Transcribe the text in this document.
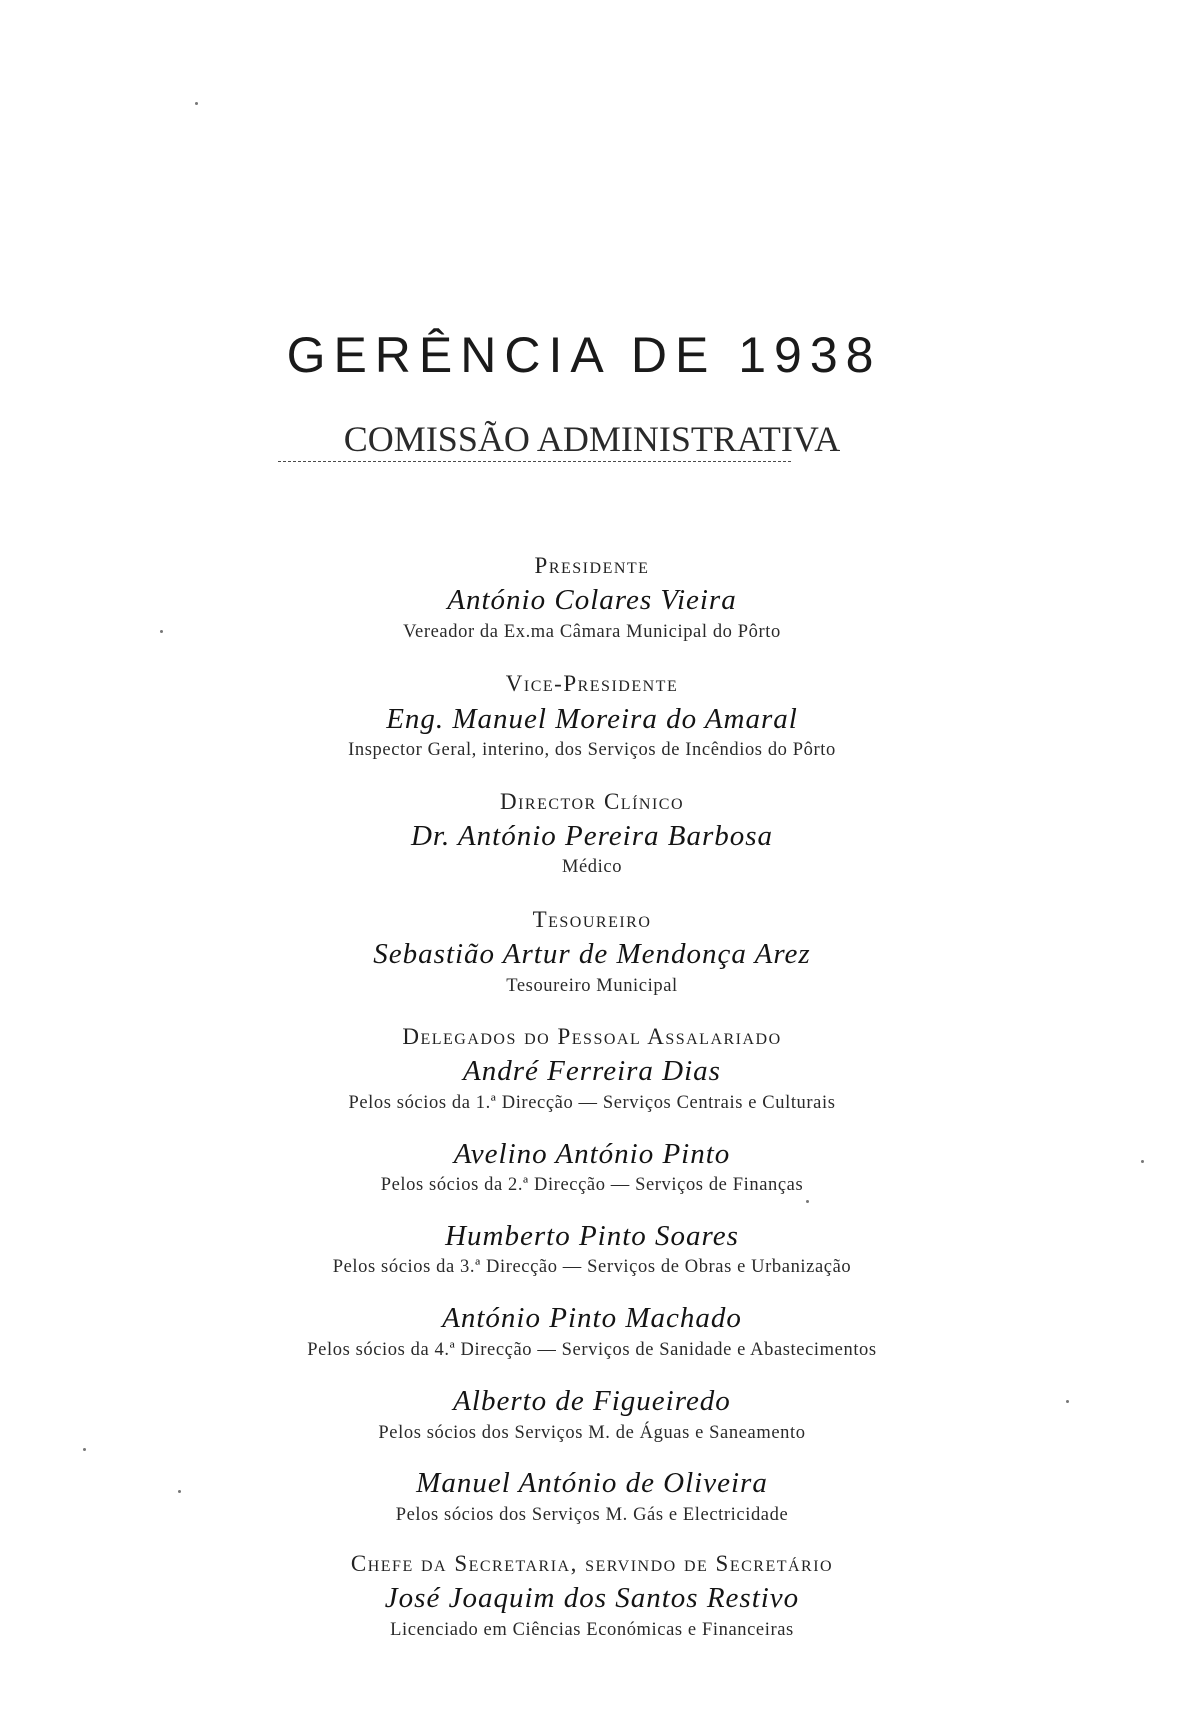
GERÊNCIA DE 1938
COMISSÃO ADMINISTRATIVA
Presidente
António Colares Vieira
Vereador da Ex.ma Câmara Municipal do Pôrto
Vice-Presidente
Eng. Manuel Moreira do Amaral
Inspector Geral, interino, dos Serviços de Incêndios do Pôrto
Director Clínico
Dr. António Pereira Barbosa
Médico
Tesoureiro
Sebastião Artur de Mendonça Arez
Tesoureiro Municipal
Delegados do Pessoal Assalariado
André Ferreira Dias
Pelos sócios da 1.ª Direcção — Serviços Centrais e Culturais
Avelino António Pinto
Pelos sócios da 2.ª Direcção — Serviços de Finanças
Humberto Pinto Soares
Pelos sócios da 3.ª Direcção — Serviços de Obras e Urbanização
António Pinto Machado
Pelos sócios da 4.ª Direcção — Serviços de Sanidade e Abastecimentos
Alberto de Figueiredo
Pelos sócios dos Serviços M. de Águas e Saneamento
Manuel António de Oliveira
Pelos sócios dos Serviços M. Gás e Electricidade
Chefe da Secretaria, servindo de Secretário
José Joaquim dos Santos Restivo
Licenciado em Ciências Económicas e Financeiras
